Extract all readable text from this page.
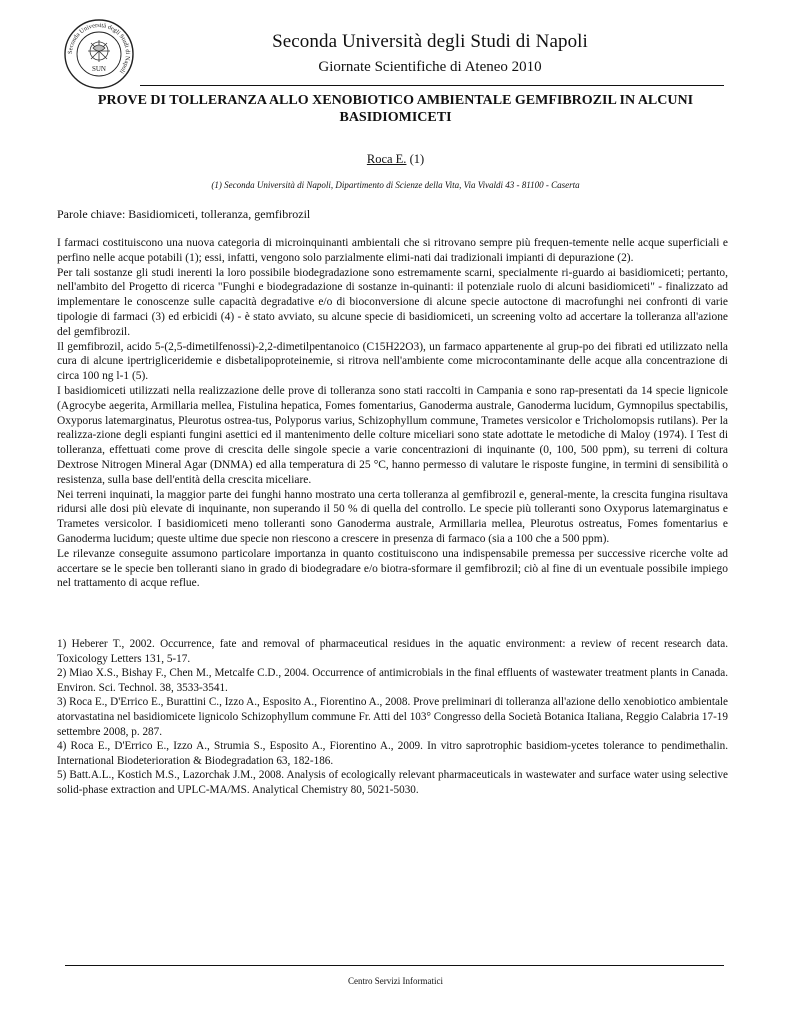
Seconda Università degli Studi di Napoli
SUN
Seconda Università degli Studi di Napoli
Giornate Scientifiche di Ateneo 2010
PROVE DI TOLLERANZA ALLO XENOBIOTICO AMBIENTALE GEMFIBROZIL IN ALCUNI BASIDIOMICETI
Roca E. (1)
(1) Seconda Università di Napoli, Dipartimento di Scienze della Vita, Via Vivaldi 43 - 81100 - Caserta
Parole chiave: Basidiomiceti, tolleranza, gemfibrozil

I farmaci costituiscono una nuova categoria di microinquinanti ambientali che si ritrovano sempre più frequen-temente nelle acque superficiali e perfino nelle acque potabili (1); essi, infatti, vengono solo parzialmente elimi-nati dai tradizionali impianti di depurazione (2).

Per tali sostanze gli studi inerenti la loro possibile biodegradazione sono estremamente scarni, specialmente ri-guardo ai basidiomiceti; pertanto, nell'ambito del Progetto di ricerca "Funghi e biodegradazione di sostanze in-quinanti: il potenziale ruolo di alcuni basidiomiceti" - finalizzato ad implementare le conoscenze sulle capacità degradative e/o di bioconversione di alcune specie autoctone di macrofunghi nei confronti di varie tipologie di farmaci (3) ed erbicidi (4) - è stato avviato, su alcune specie di basidiomiceti, un screening volto ad accertare la tolleranza all'azione del gemfibrozil.

Il gemfibrozil, acido 5-(2,5-dimetilfenossi)-2,2-dimetilpentanoico (C15H22O3), un farmaco appartenente al grup-po dei fibrati ed utilizzato nella cura di alcune ipertrigliceridemie e disbetalipoproteinemie, si ritrova nell'ambiente come microcontaminante delle acque alla concentrazione di circa 100 ng l-1 (5).

I basidiomiceti utilizzati nella realizzazione delle prove di tolleranza sono stati raccolti in Campania e sono rap-presentati da 14 specie lignicole (Agrocybe aegerita, Armillaria mellea, Fistulina hepatica, Fomes fomentarius, Ganoderma australe, Ganoderma lucidum, Gymnopilus spectabilis, Oxyporus latemarginatus, Pleurotus ostrea-tus, Polyporus varius, Schizophyllum commune, Trametes versicolor e Tricholomopsis rutilans). Per la realizza-zione degli espianti fungini asettici ed il mantenimento delle colture miceliari sono state adottate le metodiche di Maloy (1974). I Test di tolleranza, effettuati come prove di crescita delle singole specie a varie concentrazioni di inquinante (0, 100, 500 ppm), su terreni di coltura Dextrose Nitrogen Mineral Agar (DNMA) ed alla temperatura di 25 °C, hanno permesso di valutare le risposte fungine, in termini di sensibilità o resistenza, sulla base dell'entità della crescita miceliare.

Nei terreni inquinati, la maggior parte dei funghi hanno mostrato una certa tolleranza al gemfibrozil e, general-mente, la crescita fungina risultava ridursi alle dosi più elevate di inquinante, non superando il 50 % di quella del controllo. Le specie più tolleranti sono Oxyporus latemarginatus e Trametes versicolor. I basidiomiceti meno tolleranti sono Ganoderma australe, Armillaria mellea, Pleurotus ostreatus, Fomes fomentarius e Ganoderma lucidum; queste ultime due specie non riescono a crescere in presenza di farmaco (sia a 100 che a 500 ppm).

Le rilevanze conseguite assumono particolare importanza in quanto costituiscono una indispensabile premessa per successive ricerche volte ad accertare se le specie ben tolleranti siano in grado di biodegradare e/o biotra-sformare il gemfibrozil; ciò al fine di un eventuale possibile impiego nel trattamento di acque reflue.

1) Heberer T., 2002. Occurrence, fate and removal of pharmaceutical residues in the aquatic environment: a review of recent research data. Toxicology Letters 131, 5-17.

2) Miao X.S., Bishay F., Chen M., Metcalfe C.D., 2004. Occurrence of antimicrobials in the final effluents of wastewater treatment plants in Canada. Environ. Sci. Technol. 38, 3533-3541.

3) Roca E., D'Errico E., Burattini C., Izzo A., Esposito A., Fiorentino A., 2008. Prove preliminari di tolleranza all'azione dello xenobiotico ambientale atorvastatina nel basidiomicete lignicolo Schizophyllum commune Fr. Atti del 103° Congresso della Società Botanica Italiana, Reggio Calabria 17-19 settembre 2008, p. 287.

4) Roca E., D'Errico E., Izzo A., Strumia S., Esposito A., Fiorentino A., 2009. In vitro saprotrophic basidiom-ycetes tolerance to pendimethalin. International Biodeterioration & Biodegradation 63, 182-186.

5) Batt.A.L., Kostich M.S., Lazorchak J.M., 2008. Analysis of ecologically relevant pharmaceuticals in wastewater and surface water using selective solid-phase extraction and UPLC-MA/MS. Analytical Chemistry 80, 5021-5030.

Centro Servizi Informatici
